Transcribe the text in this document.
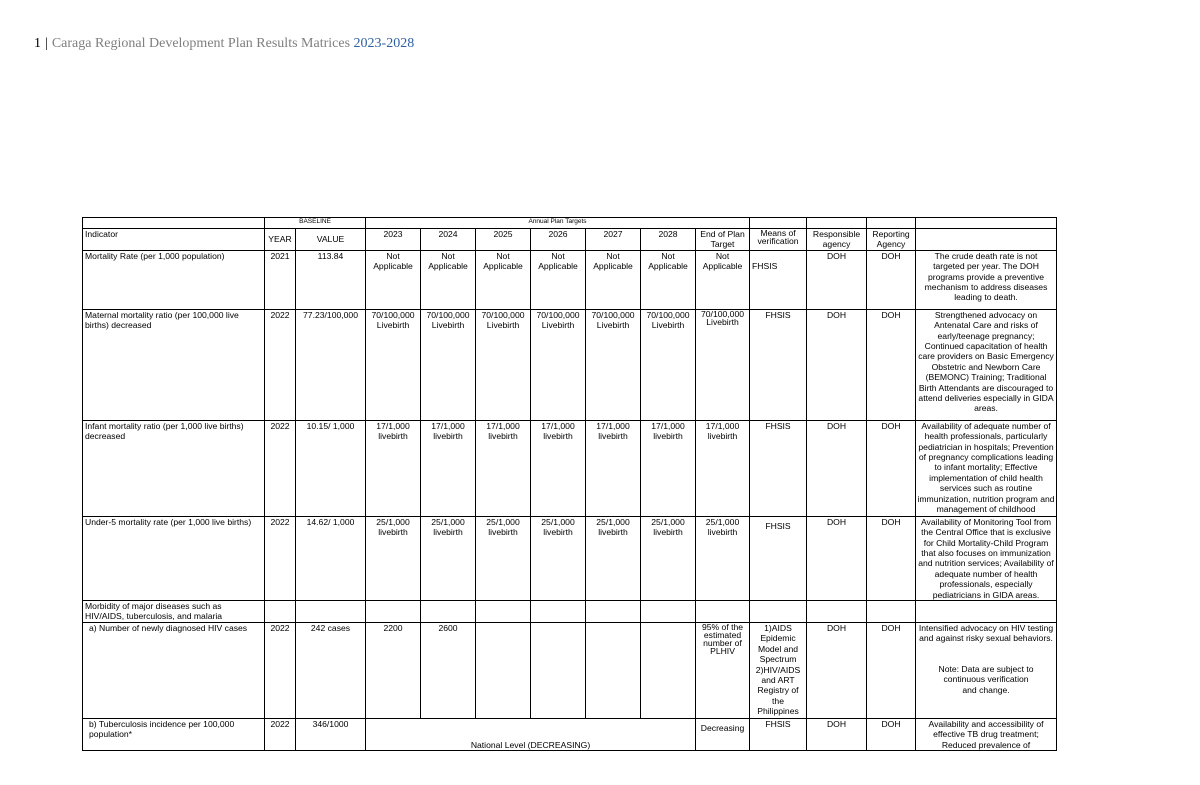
1 | Caraga Regional Development Plan Results Matrices 2023-2028
	BASELINE		Annual Plan Targets											
Indicator	YEAR	VALUE	2023	2024	2025	2026	2027	2028	End of Plan Target	Means of verification	Responsible agency	Reporting Agency		
Mortality Rate (per 1,000 population)	2021	113.84	Not Applicable	Not Applicable	Not Applicable	Not Applicable	Not Applicable	Not Applicable	Not Applicable	FHSIS	DOH	DOH	The crude death rate is not targeted per year. The DOH programs provide a preventive mechanism to address diseases leading to death.	
Maternal mortality ratio (per 100,000 live births) decreased	2022	77.23/100,000	70/100,000 Livebirth	70/100,000 Livebirth	70/100,000 Livebirth	70/100,000 Livebirth	70/100,000 Livebirth	70/100,000 Livebirth	70/100,000 Livebirth	FHSIS	DOH	DOH	Strengthened advocacy on Antenatal Care and risks of early/teenage pregnancy; Continued capacitation of health care providers on Basic Emergency Obstetric and Newborn Care (BEMONC) Training; Traditional Birth Attendants are discouraged to attend deliveries especially in GIDA areas.	
Infant mortality ratio (per 1,000 live births) decreased	2022	10.15/ 1,000	17/1,000 livebirth	17/1,000 livebirth	17/1,000 livebirth	17/1,000 livebirth	17/1,000 livebirth	17/1,000 livebirth	17/1,000 livebirth	FHSIS	DOH	DOH	Availability of adequate number of health professionals, particularly pediatrician in hospitals; Prevention of pregnancy complications leading to infant mortality; Effective implementation of child health services such as routine immunization, nutrition program and management of childhood	
Under-5 mortality rate (per 1,000 live births)	2022	14.62/ 1,000	25/1,000 livebirth	25/1,000 livebirth	25/1,000 livebirth	25/1,000 livebirth	25/1,000 livebirth	25/1,000 livebirth	25/1,000 livebirth	FHSIS	DOH	DOH	Availability of Monitoring Tool from the Central Office that is exclusive for Child Mortality-Child Program that also focuses on immunization and nutrition services; Availability of adequate number of health professionals, especially pediatricians in GIDA areas.	
Morbidity of major diseases such as HIV/AIDS, tuberculosis, and malaria														
a) Number of newly diagnosed HIV cases	2022	242 cases	2200	2600					95% of the estimated number of PLHIV	1)AIDS Epidemic Model and Spectrum 2)HIV/AIDS and ART Registry of the Philippines	DOH	DOH	Intensified advocacy on HIV testing and against risky sexual behaviors.
Note: Data are subject to continuous verification and change.	

b) Tuberculosis incidence per 100,000 population*	2022	346/1000	National Level (DECREASING)						Decreasing	FHSIS	DOH	DOH	Availability and accessibility of effective TB drug treatment; Reduced prevalence of	
